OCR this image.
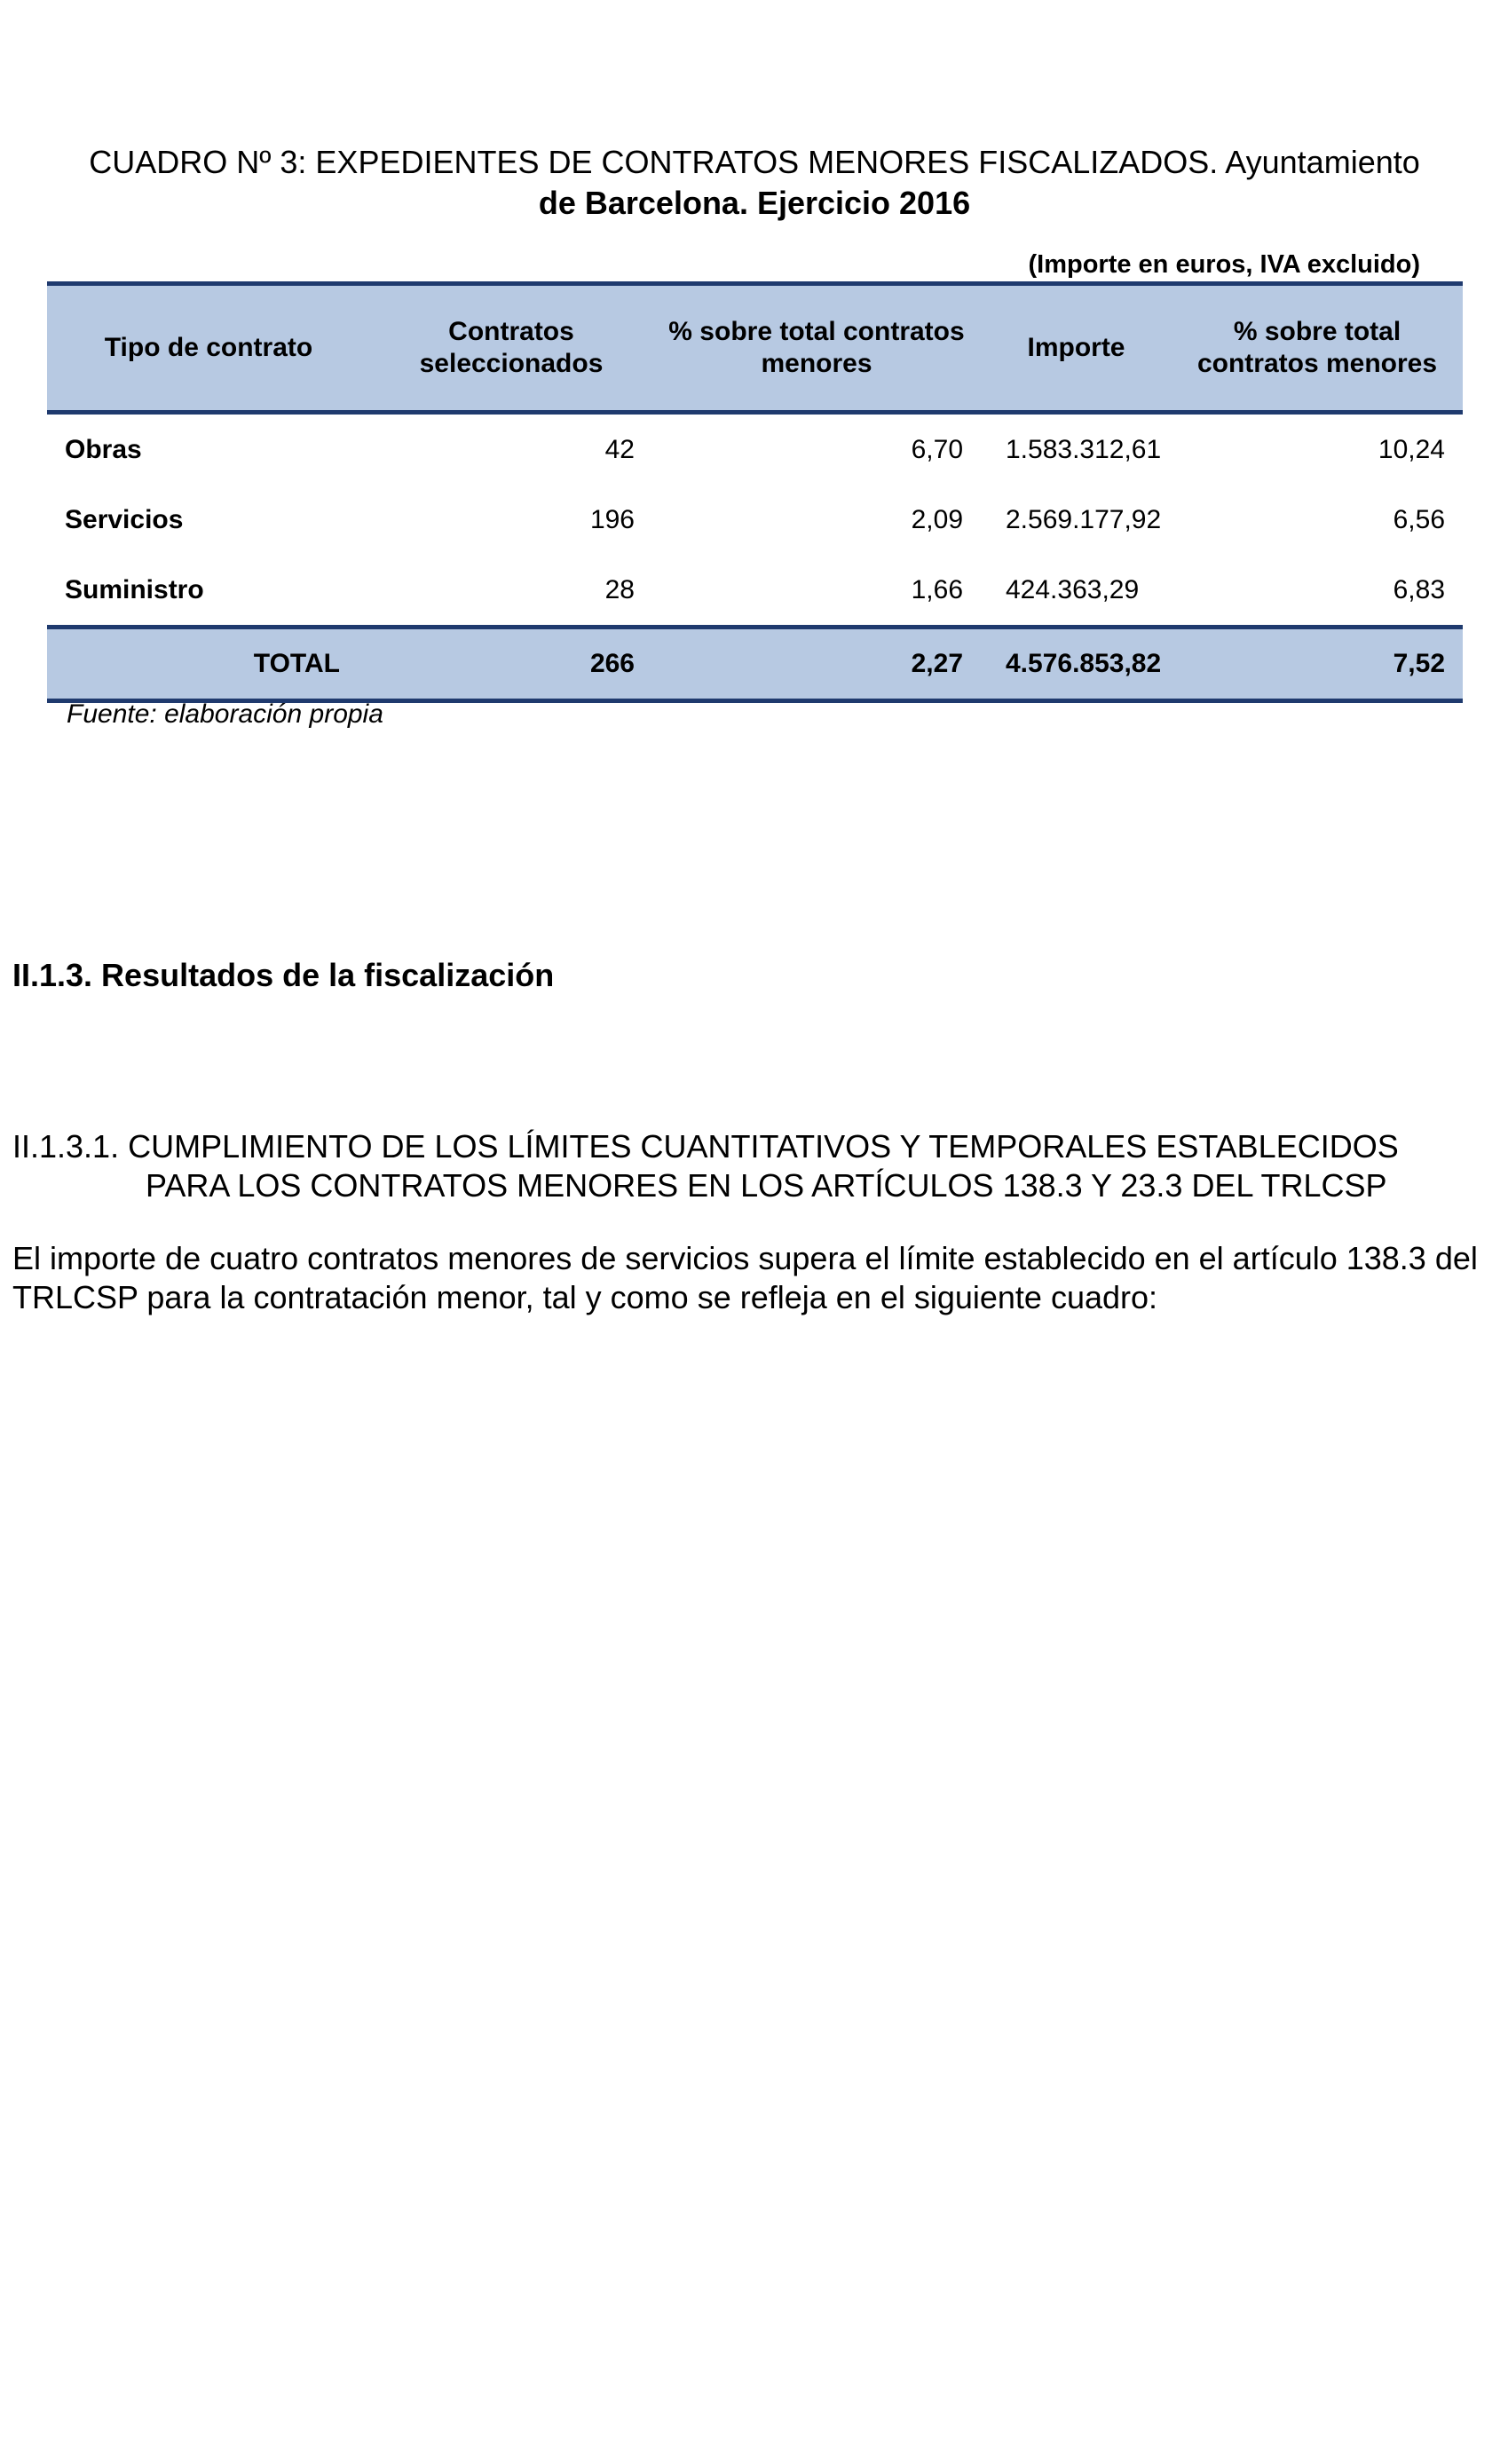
CUADRO Nº 3: EXPEDIENTES DE CONTRATOS MENORES FISCALIZADOS. Ayuntamiento
de Barcelona. Ejercicio 2016
(Importe en euros, IVA excluido)
Tipo de contrato	Contratos seleccionados	% sobre total contratos menores	Importe	% sobre total contratos menores
Obras	42	6,70	1.583.312,61	10,24
Servicios	196	2,09	2.569.177,92	6,56
Suministro	28	1,66	424.363,29	6,83
TOTAL	266	2,27	4.576.853,82	7,52
Fuente: elaboración propia
II.1.3. Resultados de la fiscalización
II.1.3.1. CUMPLIMIENTO DE LOS LÍMITES CUANTITATIVOS Y TEMPORALES ESTABLECIDOS
PARA LOS CONTRATOS MENORES EN LOS ARTÍCULOS 138.3 Y 23.3 DEL TRLCSP
El importe de cuatro contratos menores de servicios supera el límite establecido en el artículo 138.3 del TRLCSP para la contratación menor, tal y como se refleja en el siguiente cuadro:
